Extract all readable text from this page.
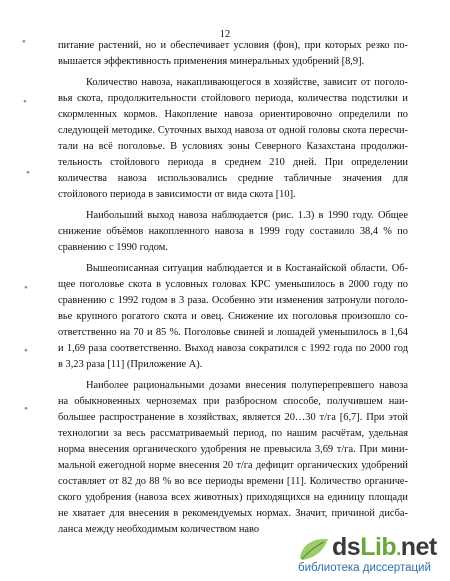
12
•
•
•
•
•
•
питание растений, но и обеспечивает условия (фон), при которых резко по-
вышается эффективность применения минеральных удобрений [8,9].
Количество навоза, накапливающегося в хозяйстве, зависит от поголо-
вья скота, продолжительности стойлового периода, количества подстилки и
скормленных кормов. Накопление навоза ориентировочно определили по
следующей методике. Суточных выход навоза от одной головы скота пересчи-
тали на всё поголовье. В условиях зоны Северного Казахстана продолжи-
тельность стойлового периода в среднем 210 дней. При определении
количества навоза использовались средние табличные значения для
стойлового периода в зависимости от вида скота [10].
Наибольший выход навоза наблюдается (рис. 1.3) в 1990 году. Общее
снижение объёмов накопленного навоза в 1999 году составило 38,4 % по
сравнению с 1990 годом.
Вышеописанная ситуация наблюдается и в Костанайской области. Об-
щее поголовье скота в условных головах КРС уменьшилось в 2000 году по
сравнению с 1992 годом в 3 раза. Особенно эти изменения затронули поголо-
вье крупного рогатого скота и овец. Снижение их поголовья произошло со-
ответственно на 70 и 85 %. Поголовье свиней и лошадей уменьшилось в 1,64
и 1,69 раза соответственно. Выход навоза сократился с 1992 года по 2000 год
в 3,23 раза [11] (Приложение А).
Наиболее рациональными дозами внесения полуперепревшего навоза
на обыкновенных черноземах при разбросном способе, получившем наи-
большее распространение в хозяйствах, является 20…30 т/га [6,7]. При этой
технологии за весь рассматриваемый период, по нашим расчётам, удельная
норма внесения органического удобрения не превысила 3,69 т/га. При мини-
мальной ежегодной норме внесения 20 т/га дефицит органических удобрений
составляет от 82 до 88 % во все периоды времени [11]. Количество органиче-
ского удобрения (навоза всех животных) приходящихся на единицу площади
не хватает для внесения в рекомендуемых нормах. Значит, причиной дисба-
ланса между необходимым количеством наво
dsLib.net
библиотека диссертаций
